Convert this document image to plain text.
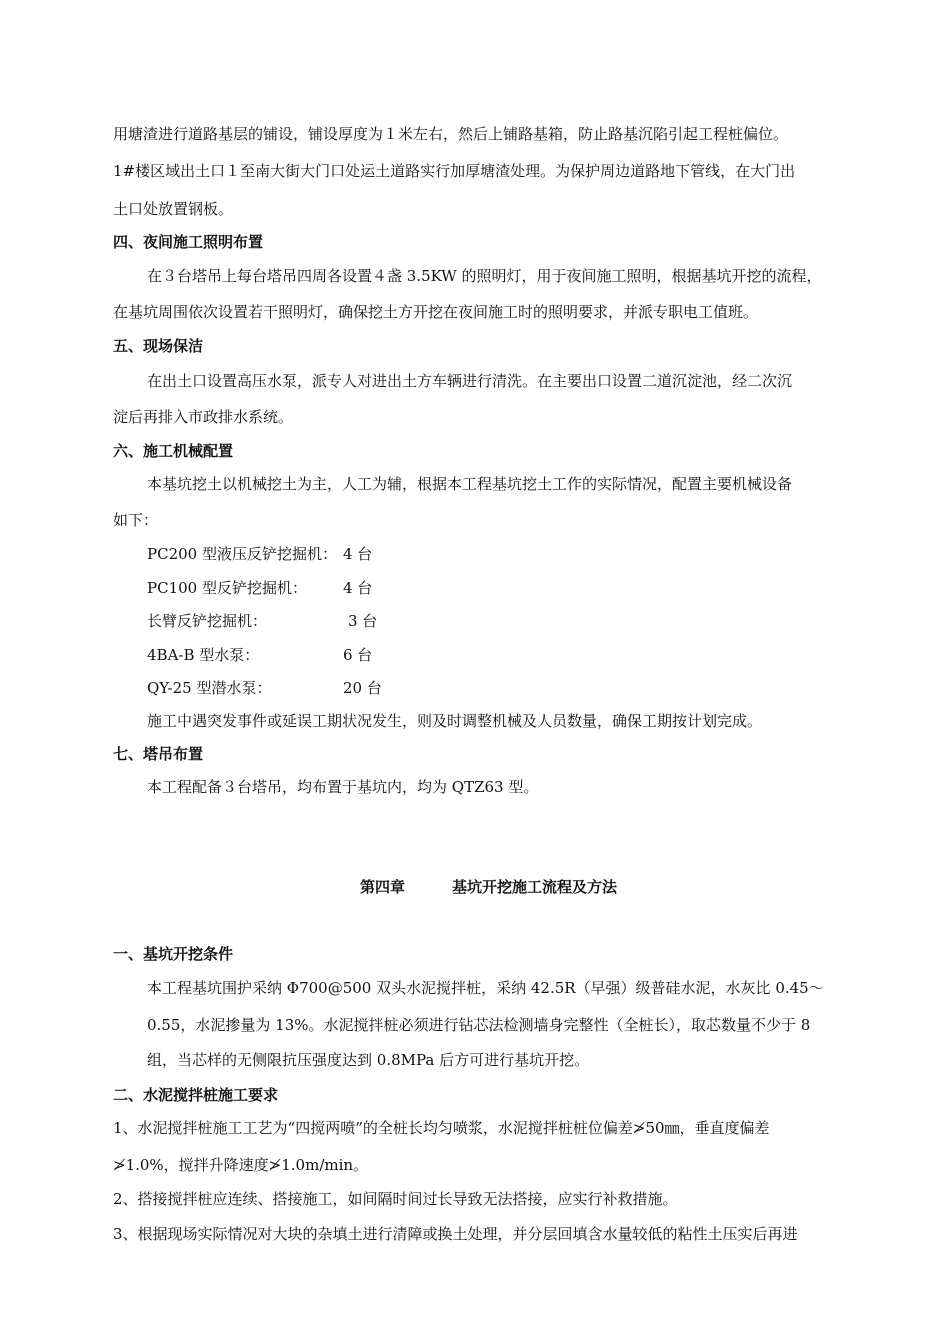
用塘渣进行道路基层的铺设，铺设厚度为１米左右，然后上铺路基箱，防止路基沉陷引起工程桩偏位。
1#楼区域出土口１至南大街大门口处运土道路实行加厚塘渣处理。为保护周边道路地下管线，在大门出
土口处放置钢板。
四、夜间施工照明布置
在３台塔吊上每台塔吊四周各设置４盏 3.5KW 的照明灯，用于夜间施工照明，根据基坑开挖的流程，
在基坑周围依次设置若干照明灯，确保挖土方开挖在夜间施工时的照明要求，并派专职电工值班。
五、现场保洁
在出土口设置高压水泵，派专人对进出土方车辆进行清洗。在主要出口设置二道沉淀池，经二次沉
淀后再排入市政排水系统。
六、施工机械配置
本基坑挖土以机械挖土为主，人工为辅，根据本工程基坑挖土工作的实际情况，配置主要机械设备
如下：
PC200 型液压反铲挖掘机： 4 台
PC100 型反铲挖掘机： 4 台
长臂反铲挖掘机：	3 台
4BA-B 型水泵：	6 台
QY-25 型潜水泵：	20 台
施工中遇突发事件或延误工期状况发生，则及时调整机械及人员数量，确保工期按计划完成。
七、塔吊布置
本工程配备３台塔吊，均布置于基坑内，均为 QTZ63 型。
第四章	基坑开挖施工流程及方法
一、基坑开挖条件
本工程基坑围护采纳 Φ700@500 双头水泥搅拌桩，采纳 42.5R（早强）级普硅水泥，水灰比 0.45～
0.55，水泥掺量为 13%。水泥搅拌桩必须进行钻芯法检测墙身完整性（全桩长），取芯数量不少于 8
组，当芯样的无侧限抗压强度达到 0.8MPa 后方可进行基坑开挖。
二、水泥搅拌桩施工要求
1、水泥搅拌桩施工工艺为“四搅两喷”的全桩长均匀喷浆，水泥搅拌桩桩位偏差≯50㎜，垂直度偏差
≯1.0%，搅拌升降速度≯1.0m/min。
2、搭接搅拌桩应连续、搭接施工，如间隔时间过长导致无法搭接，应实行补救措施。
3、根据现场实际情况对大块的杂填土进行清障或换土处理，并分层回填含水量较低的粘性土压实后再进
